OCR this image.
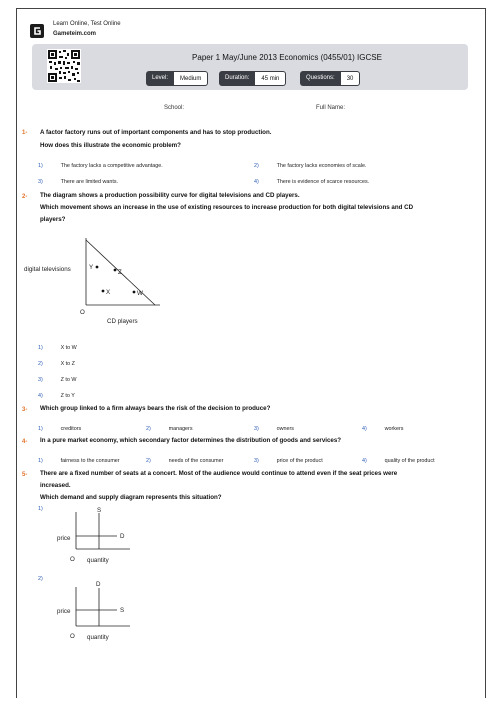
Learn Online, Test Online
Gameteim.com
Paper 1 May/June 2013 Economics (0455/01) IGCSE
Level:	Medium	Duration:	45 min	Questions:	30
School:	Full Name:
1- A factor factory runs out of important components and has to stop production.
How does this illustrate the economic problem?
1)	The factory lacks a competitive advantage.	2)	The factory lacks economies of scale.
3)	There are limited wants.	4)	There is evidence of scarce resources.
2- The diagram shows a production possibility curve for digital televisions and CD players.
Which movement shows an increase in the use of existing resources to increase production for both digital televisions and CD
players?
digital televisions	Y
Z
X	W
O
CD players
1)	X to W
2)	X to Z
3)	Z to W
4)	Z to Y
3- Which group linked to a firm always bears the risk of the decision to produce?
1)	creditors	2)	managers	3)	owners	4)	workers
4- In a pure market economy, which secondary factor determines the distribution of goods and services?
1)	fairness to the consumer	2)	needs of the consumer	3)	price of the product	4)	quality of the product
5- There are a fixed number of seats at a concert. Most of the audience would continue to attend even if the seat prices were
increased.
Which demand and supply diagram represents this situation?
1)	S
D
price
O quantity
2)
D
S
price
O quantity
